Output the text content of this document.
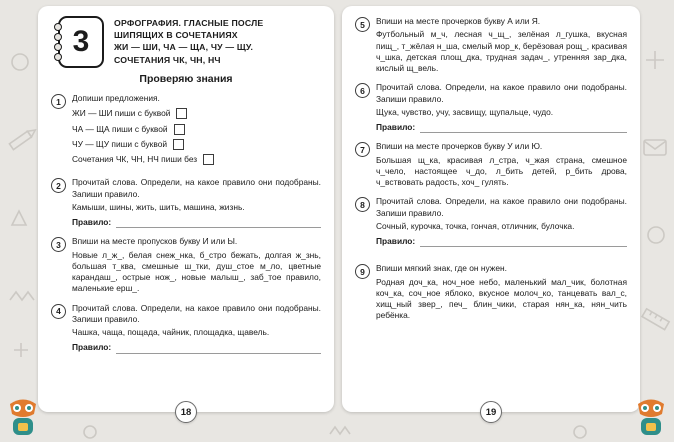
3
ОРФОГРАФИЯ. ГЛАСНЫЕ ПОСЛЕ
ШИПЯЩИХ В СОЧЕТАНИЯХ
ЖИ — ШИ, ЧА — ЩА, ЧУ — ЩУ.
СОЧЕТАНИЯ ЧК, ЧН, НЧ
Проверяю знания
1	Допиши предложения.
ЖИ — ШИ пиши с буквой
ЧА — ЩА пиши с буквой
ЧУ — ЩУ пиши с буквой
Сочетания ЧК, ЧН, НЧ пиши без
2	Прочитай слова. Определи, на какое правило они подобраны. Запиши правило.
Камыши, шины, жить, шить, машина, жизнь.
Правило:
3	Впиши на месте пропусков букву И или Ы.
Новые л_ж_, белая снеж_нка, б_стро бежать, долгая ж_знь, большая т_ква, смешные ш_тки, душ_стое м_ло, цветные карандаш_, острые нож_, новые малыш_, заб_тое правило, маленькие ерш_.
4	Прочитай слова. Определи, на какое правило они подобраны. Запиши правило.
Чашка, чаща, пощада, чайник, площадка, щавель.
Правило:
18
5	Впиши на месте прочерков букву А или Я.
Футбольный м_ч, лесная ч_щ_, зелёная л_гушка, вкусная пищ_, т_жёлая н_ша, смелый мор_к, берёзовая рощ_, красивая ч_шка, детская площ_дка, трудная задач_, утренняя зар_дка, кислый щ_вель.
6	Прочитай слова. Определи, на какое правило они подобраны. Запиши правило.
Щука, чувство, учу, засвищу, щупальце, чудо.
Правило:
7	Впиши на месте прочерков букву У или Ю.
Большая щ_ка, красивая л_стра, ч_жая страна, смешное ч_чело, настоящее ч_до, л_бить детей, р_бить дрова, ч_вствовать радость, хоч_ гулять.
8	Прочитай слова. Определи, на какое правило они подобраны. Запиши правило.
Сочный, курочка, точка, гончая, отличник, булочка.
Правило:
9	Впиши мягкий знак, где он нужен.
Родная доч_ка, ноч_ное небо, маленький мал_чик, болотная коч_ка, соч_ное яблоко, вкусное молоч_ко, танцевать вал_с, хищ_ный звер_, печ_ блин_чики, старая нян_ка, нян_чить ребёнка.
19
